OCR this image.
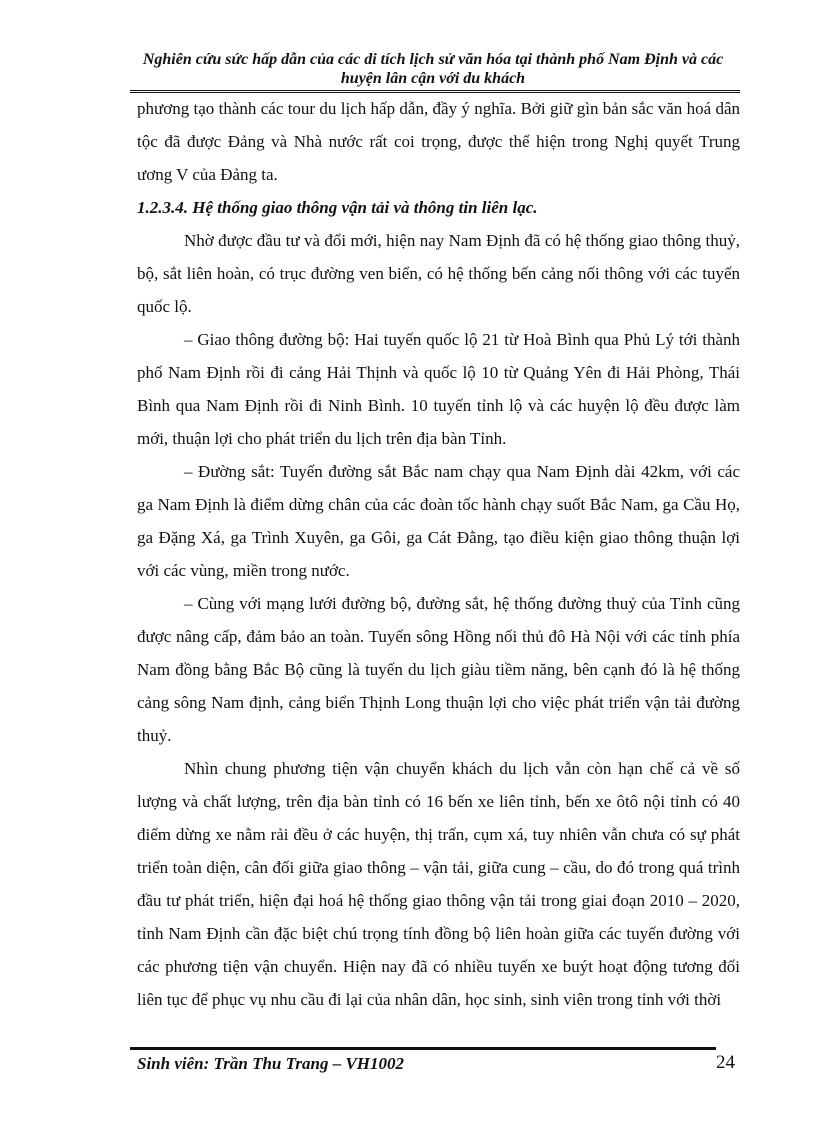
Nghiên cứu sức hấp dẫn của các di tích lịch sử văn hóa tại thành phố Nam Định và các huyện lân cận với du khách

phương tạo thành các tour du lịch hấp dẫn, đầy ý nghĩa. Bởi giữ gìn bản sắc văn hoá dân tộc đã được Đảng và Nhà nước rất coi trọng, được thể hiện trong Nghị quyết Trung ương V của Đảng ta.

1.2.3.4. Hệ thống giao thông vận tải và thông tin liên lạc.

Nhờ được đầu tư và đổi mới, hiện nay Nam Định đã có hệ thống giao thông thuỷ, bộ, sắt liên hoàn, có trục đường ven biển, có hệ thống bến cảng nối thông với các tuyến quốc lộ.

– Giao thông đường bộ: Hai tuyến quốc lộ 21 từ Hoà Bình qua Phủ Lý tới thành phố Nam Định rồi đi cảng Hải Thịnh và quốc lộ 10 từ Quảng Yên đi Hải Phòng, Thái Bình qua Nam Định rồi đi Ninh Bình. 10 tuyến tỉnh lộ và các huyện lộ đều được làm mới, thuận lợi cho phát triển du lịch trên địa bàn Tỉnh.

– Đường sắt: Tuyến đường sắt Bắc nam chạy qua Nam Định dài 42km, với các ga Nam Định là điểm dừng chân của các đoàn tốc hành chạy suốt Bắc Nam, ga Cầu Họ, ga Đặng Xá, ga Trình Xuyên, ga Gôi, ga Cát Đằng, tạo điều kiện giao thông thuận lợi với các vùng, miền trong nước.

– Cùng với mạng lưới đường bộ, đường sắt, hệ thống đường thuỷ của Tỉnh cũng được nâng cấp, đảm bảo an toàn. Tuyến sông Hồng nối thủ đô Hà Nội với các tỉnh phía Nam đồng bằng Bắc Bộ cũng là tuyến du lịch giàu tiềm năng, bên cạnh đó là hệ thống cảng sông Nam định, cảng biển Thịnh Long thuận lợi cho việc phát triển vận tải đường thuỷ.

Nhìn chung phương tiện vận chuyển khách du lịch vẫn còn hạn chế cả về số lượng và chất lượng, trên địa bàn tỉnh có 16 bến xe liên tỉnh, bến xe ôtô nội tỉnh có 40 điểm dừng xe nằm rải đều ở các huyện, thị trấn, cụm xá, tuy nhiên vẫn chưa có sự phát triển toàn diện, cân đối giữa giao thông – vận tải, giữa cung – cầu, do đó trong quá trình đầu tư phát triển, hiện đại hoá hệ thống giao thông vận tải trong giai đoạn 2010 – 2020, tỉnh Nam Định cần đặc biệt chú trọng tính đồng bộ liên hoàn giữa các tuyến đường với các phương tiện vận chuyển. Hiện nay đã có nhiều tuyến xe buýt hoạt động tương đối liên tục để phục vụ nhu cầu đi lại của nhân dân, học sinh, sinh viên trong tỉnh với thời

Sinh viên: Trần Thu Trang – VH1002	24
